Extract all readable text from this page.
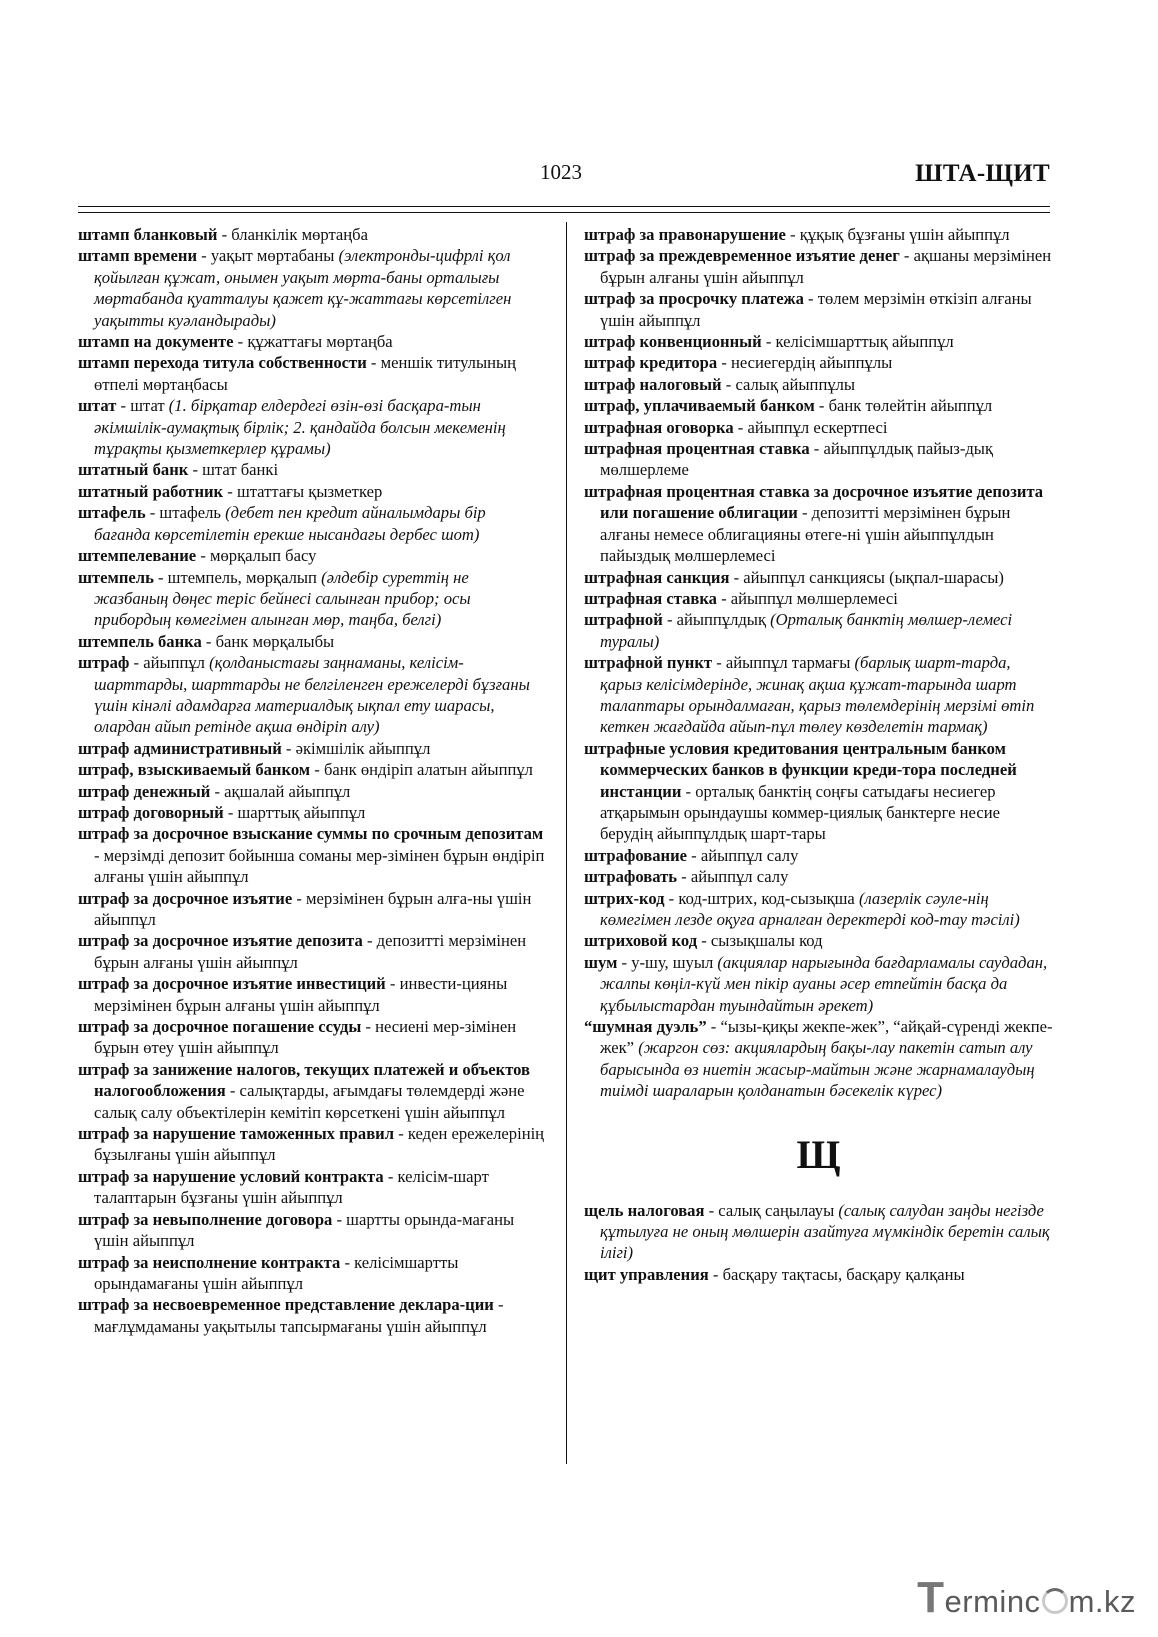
1023	ШТА-ЩИТ

штамп бланковый - бланкілік мөртаңба

штамп времени - уақыт мөртабаны (электронды-цифрлі қол қойылған құжат, онымен уақыт мөрта-баны орталығы мөртабанда қуатталуы қажет құ-жаттағы көрсетілген уақытты куәландырады)

штамп на документе - құжаттағы мөртаңба

штамп перехода титула собственности - меншік титулының өтпелі мөртаңбасы

штат - штат (1. бірқатар елдердегі өзін-өзі басқара-тын әкімшілік-аумақтық бірлік; 2. қандайда болсын мекеменің тұрақты қызметкерлер құрамы)

штатный банк - штат банкі

штатный работник - штаттағы қызметкер

штафель - штафель (дебет пен кредит айналымдары бір бағанда көрсетілетін ерекше нысандағы дербес шот)

штемпелевание - мөрқалып басу

штемпель - штемпель, мөрқалып (әлдебір суреттің не жазбаның дөңес теріс бейнесі салынған прибор; осы прибордың көмегімен алынған мөр, таңба, белгі)

штемпель банка - банк мөрқалыбы

штраф - айыппұл (қолданыстағы заңнаманы, келісім-шарттарды, шарттарды не белгіленген ережелерді бұзғаны үшін кінәлі адамдарға материалдық ықпал ету шарасы, олардан айып ретінде ақша өндіріп алу)

штраф административный - әкімшілік айыппұл

штраф, взыскиваемый банком - банк өндіріп алатын айыппұл

штраф денежный - ақшалай айыппұл

штраф договорный - шарттық айыппұл

штраф за досрочное взыскание суммы по срочным депозитам - мерзімді депозит бойынша соманы мер-зімінен бұрын өндіріп алғаны үшін айыппұл

штраф за досрочное изъятие - мерзімінен бұрын алға-ны үшін айыппұл

штраф за досрочное изъятие депозита - депозитті мерзімінен бұрын алғаны үшін айыппұл

штраф за досрочное изъятие инвестиций - инвести-цияны мерзімінен бұрын алғаны үшін айыппұл

штраф за досрочное погашение ссуды - несиені мер-зімінен бұрын өтеу үшін айыппұл

штраф за занижение налогов, текущих платежей и объектов налогообложения - салықтарды, ағымдағы төлемдерді және салық салу объектілерін кемітіп көрсеткені үшін айыппұл

штраф за нарушение таможенных правил - кеден ережелерінің бұзылғаны үшін айыппұл

штраф за нарушение условий контракта - келісім-шарт талаптарын бұзғаны үшін айыппұл

штраф за невыполнение договора - шартты орында-мағаны үшін айыппұл

штраф за неисполнение контракта - келісімшартты орындамағаны үшін айыппұл

штраф за несвоевременное представление деклара-ции - мағлұмдаманы уақытылы тапсырмағаны үшін айыппұл

штраф за правонарушение - құқық бұзғаны үшін айыппұл

штраф за преждевременное изъятие денег - ақшаны мерзімінен бұрын алғаны үшін айыппұл

штраф за просрочку платежа - төлем мерзімін өткізіп алғаны үшін айыппұл

штраф конвенционный - келісімшарттық айыппұл

штраф кредитора - несиегердің айыппұлы

штраф налоговый - салық айыппұлы

штраф, уплачиваемый банком - банк төлейтін айыппұл

штрафная оговорка - айыппұл ескертпесі

штрафная процентная ставка - айыппұлдық пайыз-дық мөлшерлеме

штрафная процентная ставка за досрочное изъятие депозита или погашение облигации - депозитті мерзімінен бұрын алғаны немесе облигацияны өтеге-ні үшін айыппұлдын пайыздық мөлшерлемесі

штрафная санкция - айыппұл санкциясы (ықпал-шарасы)

штрафная ставка - айыппұл мөлшерлемесі

штрафной - айыппұлдық (Орталық банктің мөлшер-лемесі туралы)

штрафной пункт - айыппұл тармағы (барлық шарт-тарда, қарыз келісімдерінде, жинақ ақша құжат-тарында шарт талаптары орындалмаған, қарыз төлемдерінің мерзімі өтіп кеткен жағдайда айып-пұл төлеу көзделетін тармақ)

штрафные условия кредитования центральным банком коммерческих банков в функции креди-тора последней инстанции - орталық банктің соңғы сатыдағы несиегер атқарымын орындаушы коммер-циялық банктерге несие берудің айыппұлдық шарт-тары

штрафование - айыппұл салу

штрафовать - айыппұл салу

штрих-код - код-штрих, код-сызықша (лазерлік сәуле-нің көмегімен лезде оқуға арналған деректерді код-тау тәсілі)

штриховой код - сызықшалы код

шум - у-шу, шуыл (акциялар нарығында бағдарламалы саудадан, жалпы көңіл-күй мен пікір ауаны әсер етпейтін басқа да құбылыстардан туындайтын әрекет)

“шумная дуэль” - “ызы-қиқы жекпе-жек”, “айқай-сүренді жекпе-жек” (жаргон сөз: акциялардың бақы-лау пакетін сатып алу барысында өз ниетін жасыр-майтын және жарнамалаудың тиімді шараларын қолданатын бәсекелік күрес)

Щ

щель налоговая - салық саңылауы (салық салудан заңды негізде құтылуға не оның мөлшерін азайтуға мүмкіндік беретін салық ілігі)

щит управления - басқару тақтасы, басқару қалқаны

Terminc m.kz
